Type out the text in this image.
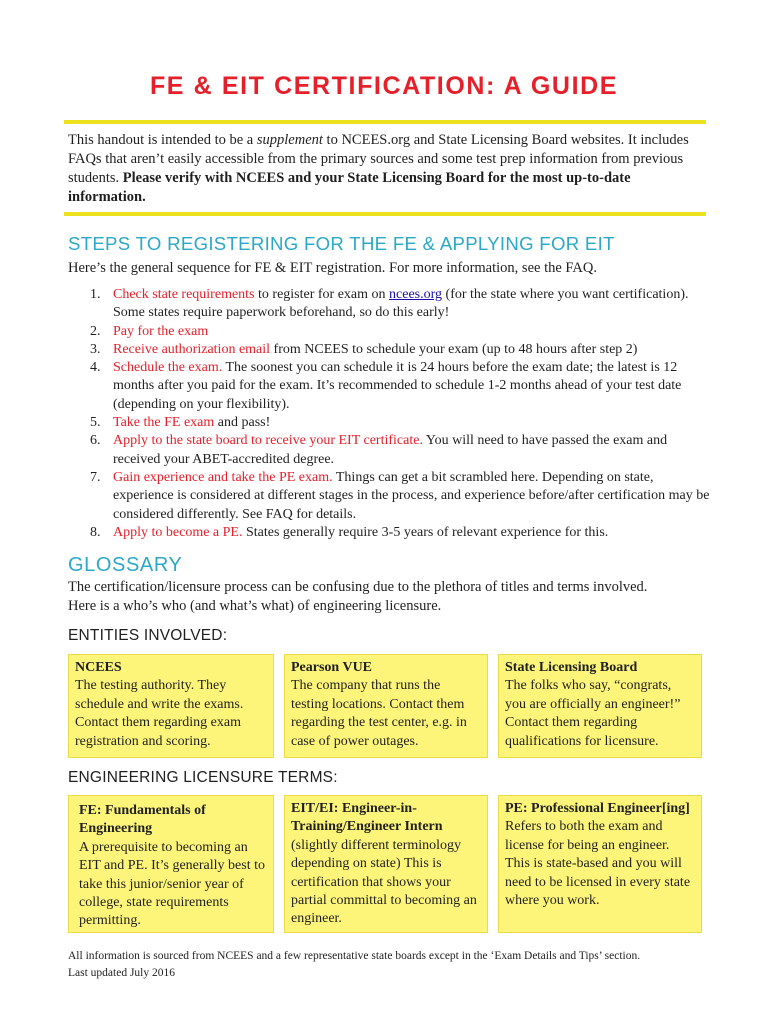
FE & EIT CERTIFICATION: A GUIDE
This handout is intended to be a supplement to NCEES.org and State Licensing Board websites. It includes FAQs that aren’t easily accessible from the primary sources and some test prep information from previous students. Please verify with NCEES and your State Licensing Board for the most up-to-date information.
STEPS TO REGISTERING FOR THE FE & APPLYING FOR EIT
Here’s the general sequence for FE & EIT registration. For more information, see the FAQ.
1. Check state requirements to register for exam on ncees.org (for the state where you want certification). Some states require paperwork beforehand, so do this early!
2. Pay for the exam
3. Receive authorization email from NCEES to schedule your exam (up to 48 hours after step 2)
4. Schedule the exam. The soonest you can schedule it is 24 hours before the exam date; the latest is 12 months after you paid for the exam. It’s recommended to schedule 1-2 months ahead of your test date (depending on your flexibility).
5. Take the FE exam and pass!
6. Apply to the state board to receive your EIT certificate. You will need to have passed the exam and received your ABET-accredited degree.
7. Gain experience and take the PE exam. Things can get a bit scrambled here. Depending on state, experience is considered at different stages in the process, and experience before/after certification may be considered differently. See FAQ for details.
8. Apply to become a PE. States generally require 3-5 years of relevant experience for this.
GLOSSARY
The certification/licensure process can be confusing due to the plethora of titles and terms involved.
Here is a who’s who (and what’s what) of engineering licensure.
ENTITIES INVOLVED:
NCEES
The testing authority. They schedule and write the exams. Contact them regarding exam registration and scoring.
Pearson VUE
The company that runs the testing locations. Contact them regarding the test center, e.g. in case of power outages.
State Licensing Board
The folks who say, “congrats, you are officially an engineer!” Contact them regarding qualifications for licensure.
ENGINEERING LICENSURE TERMS:
FE: Fundamentals of Engineering
A prerequisite to becoming an EIT and PE. It’s generally best to take this junior/senior year of college, state requirements permitting.
EIT/EI: Engineer-in-Training/Engineer Intern
(slightly different terminology depending on state) This is certification that shows your partial committal to becoming an engineer.
PE: Professional Engineer[ing]
Refers to both the exam and license for being an engineer. This is state-based and you will need to be licensed in every state where you work.
All information is sourced from NCEES and a few representative state boards except in the ‘Exam Details and Tips’ section.
Last updated July 2016
